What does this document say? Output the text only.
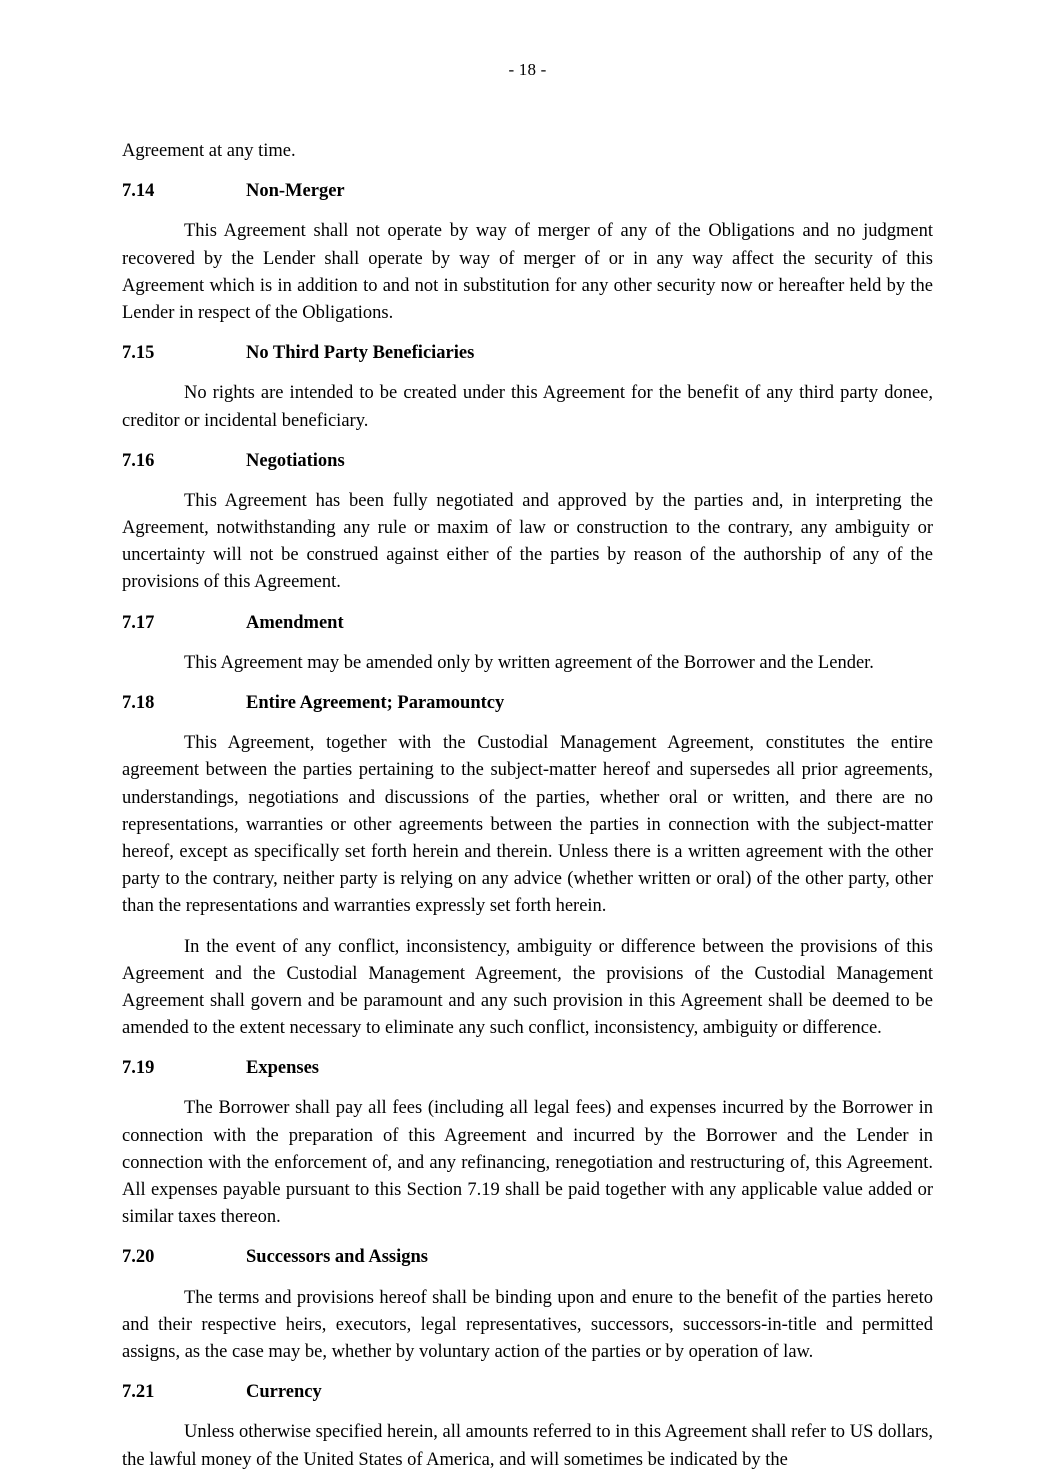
- 18 -

Agreement at any time.

7.14	Non-Merger

This Agreement shall not operate by way of merger of any of the Obligations and no judgment recovered by the Lender shall operate by way of merger of or in any way affect the security of this Agreement which is in addition to and not in substitution for any other security now or hereafter held by the Lender in respect of the Obligations.

7.15	No Third Party Beneficiaries

No rights are intended to be created under this Agreement for the benefit of any third party donee, creditor or incidental beneficiary.

7.16	Negotiations

This Agreement has been fully negotiated and approved by the parties and, in interpreting the Agreement, notwithstanding any rule or maxim of law or construction to the contrary, any ambiguity or uncertainty will not be construed against either of the parties by reason of the authorship of any of the provisions of this Agreement.

7.17	Amendment

This Agreement may be amended only by written agreement of the Borrower and the Lender.

7.18	Entire Agreement; Paramountcy

This Agreement, together with the Custodial Management Agreement, constitutes the entire agreement between the parties pertaining to the subject-matter hereof and supersedes all prior agreements, understandings, negotiations and discussions of the parties, whether oral or written, and there are no representations, warranties or other agreements between the parties in connection with the subject-matter hereof, except as specifically set forth herein and therein. Unless there is a written agreement with the other party to the contrary, neither party is relying on any advice (whether written or oral) of the other party, other than the representations and warranties expressly set forth herein.

In the event of any conflict, inconsistency, ambiguity or difference between the provisions of this Agreement and the Custodial Management Agreement, the provisions of the Custodial Management Agreement shall govern and be paramount and any such provision in this Agreement shall be deemed to be amended to the extent necessary to eliminate any such conflict, inconsistency, ambiguity or difference.

7.19	Expenses

The Borrower shall pay all fees (including all legal fees) and expenses incurred by the Borrower in connection with the preparation of this Agreement and incurred by the Borrower and the Lender in connection with the enforcement of, and any refinancing, renegotiation and restructuring of, this Agreement. All expenses payable pursuant to this Section 7.19 shall be paid together with any applicable value added or similar taxes thereon.

7.20	Successors and Assigns

The terms and provisions hereof shall be binding upon and enure to the benefit of the parties hereto and their respective heirs, executors, legal representatives, successors, successors-in-title and permitted assigns, as the case may be, whether by voluntary action of the parties or by operation of law.

7.21	Currency

Unless otherwise specified herein, all amounts referred to in this Agreement shall refer to US dollars, the lawful money of the United States of America, and will sometimes be indicated by the
